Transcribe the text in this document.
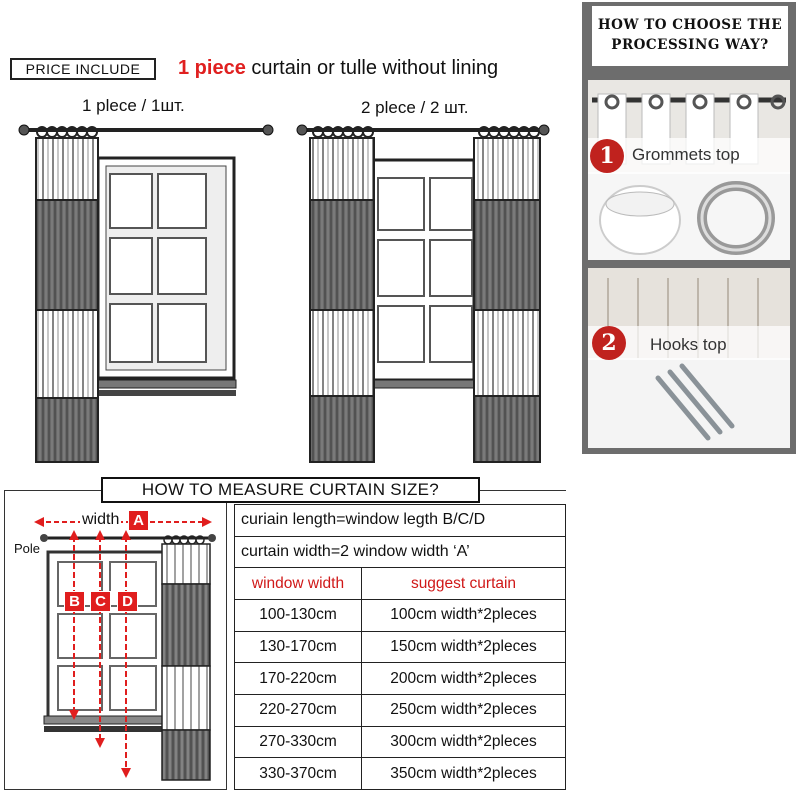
PRICE INCLUDE	1 piece curtain or tulle without lining
1 plece / 1шт.	2 plece / 2 шт.
HOW TO CHOOSE THE
PROCESSING WAY?
1	Grommets top
2	Hooks top
HOW TO MEASURE CURTAIN SIZE?
width A
Pole
B	C	D
curiain length=window legth B/C/D	
curtain width=2 window width ‘A’	
window width	suggest curtain
100-130cm	100cm width*2pleces
130-170cm	150cm width*2pleces
170-220cm	200cm width*2pleces
220-270cm	250cm width*2pleces
270-330cm	300cm width*2pleces
330-370cm	350cm width*2pleces
